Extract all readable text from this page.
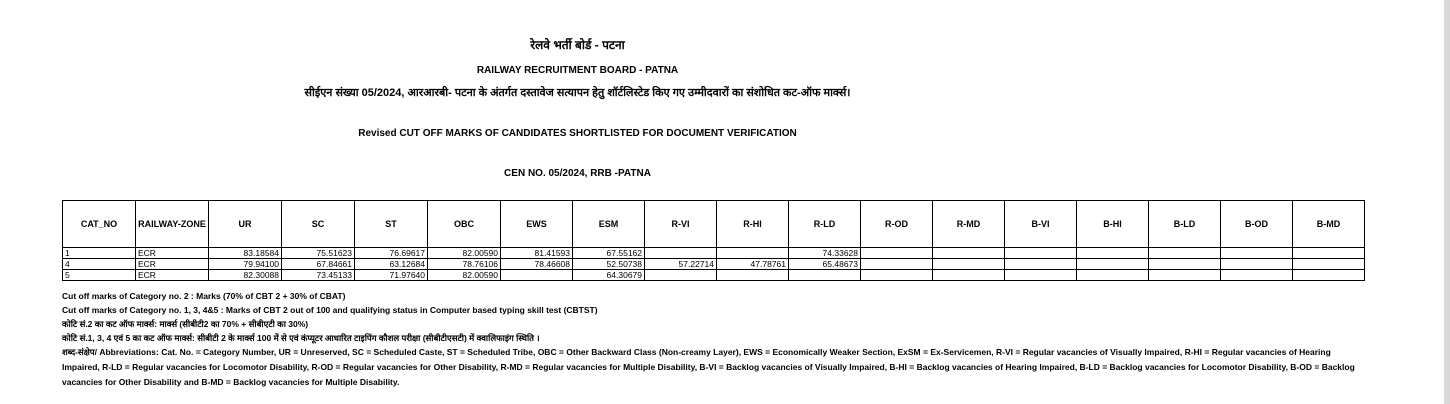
रेलवे भर्ती बोर्ड - पटना
RAILWAY RECRUITMENT BOARD - PATNA
सीईएन संख्या 05/2024, आरआरबी- पटना के अंतर्गत दस्तावेज सत्यापन हेतु शॉर्टलिस्टेड किए गए उम्मीदवारों का संशोधित कट-ऑफ मार्क्स।
Revised CUT OFF MARKS OF CANDIDATES SHORTLISTED FOR DOCUMENT VERIFICATION
CEN NO. 05/2024, RRB -PATNA
CAT_NO	RAILWAY-ZONE	UR	SC	ST	OBC	EWS	ESM	R-VI	R-HI	R-LD	R-OD	R-MD	B-VI	B-HI	B-LD	B-OD	B-MD
1	ECR	83.18584	75.51623	76.69617	82.00590	81.41593	67.55162			74.33628							
4	ECR	79.94100	67.84661	63.12684	78.76106	78.46608	52.50738	57.22714	47.78761	65.48673							
5	ECR	82.30088	73.45133	71.97640	82.00590		64.30679										

Cut off marks of Category no. 2 : Marks (70% of CBT 2 + 30% of CBAT)

Cut off marks of Category no. 1, 3, 4&5 : Marks of CBT 2 out of 100 and qualifying status in Computer based typing skill test (CBTST)

कोटि सं.2 का कट ऑफ मार्क्स: मार्क्स (सीबीटी2 का 70% + सीबीएटी का 30%)

कोटि सं.1, 3, 4 एवं 5 का कट ऑफ मार्क्स: सीबीटी 2 के मार्क्स 100 में से एवं कंप्यूटर आधारित टाइपिंग कौशल परीक्षा (सीबीटीएसटी) में क्वालिफाइंग स्थिति ।

शब्द-संक्षेप/ Abbreviations: Cat. No. = Category Number, UR = Unreserved, SC = Scheduled Caste, ST = Scheduled Tribe, OBC = Other Backward Class (Non-creamy Layer), EWS = Economically Weaker Section, ExSM = Ex-Servicemen, R-VI = Regular vacancies of Visually Impaired, R-HI = Regular vacancies of Hearing Impaired, R-LD = Regular vacancies for Locomotor Disability, R-OD = Regular vacancies for Other Disability, R-MD = Regular vacancies for Multiple Disability, B-VI = Backlog vacancies of Visually Impaired, B-HI = Backlog vacancies of Hearing Impaired, B-LD = Backlog vacancies for Locomotor Disability, B-OD = Backlog vacancies for Other Disability and B-MD = Backlog vacancies for Multiple Disability.
